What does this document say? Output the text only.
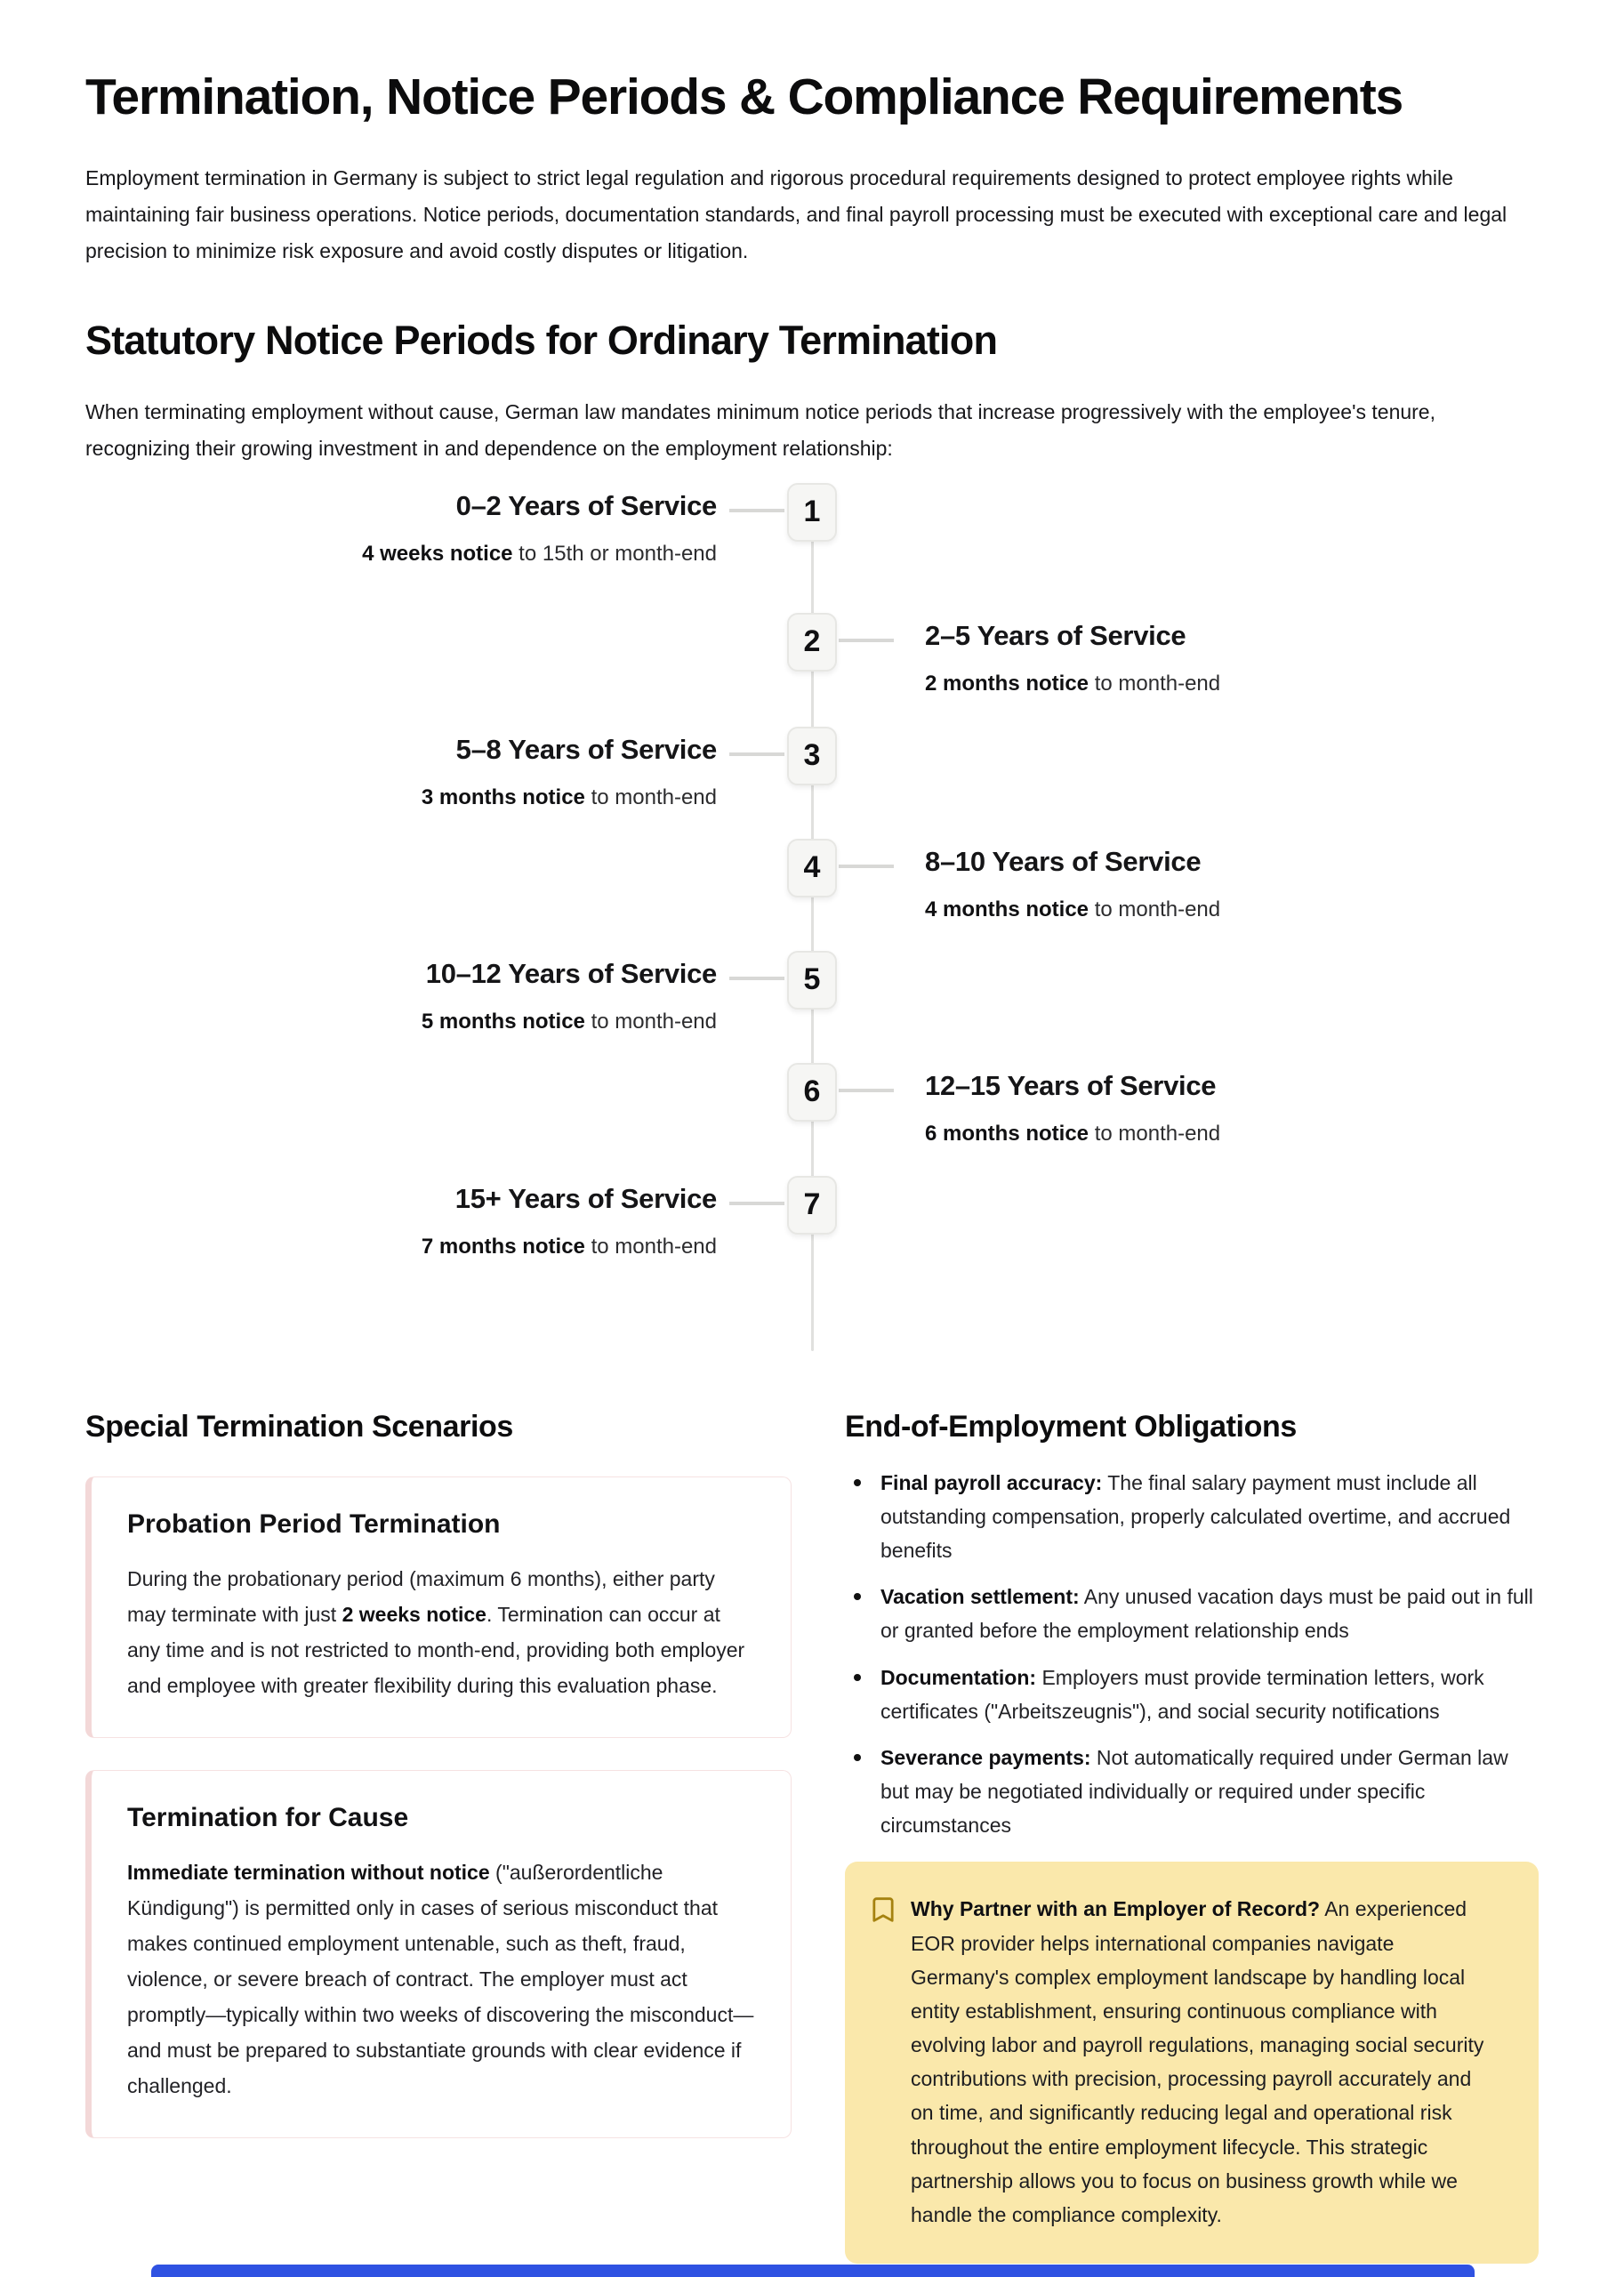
Termination, Notice Periods & Compliance Requirements

Employment termination in Germany is subject to strict legal regulation and rigorous procedural requirements designed to protect employee rights while maintaining fair business operations. Notice periods, documentation standards, and final payroll processing must be executed with exceptional care and legal precision to minimize risk exposure and avoid costly disputes or litigation.

Statutory Notice Periods for Ordinary Termination

When terminating employment without cause, German law mandates minimum notice periods that increase progressively with the employee's tenure, recognizing their growing investment in and dependence on the employment relationship:

0–2 Years of Service

4 weeks notice to 15th or month-end

1
2–5 Years of Service

2 months notice to month-end

2
5–8 Years of Service

3 months notice to month-end

3
8–10 Years of Service

4 months notice to month-end

4
10–12 Years of Service

5 months notice to month-end

5
12–15 Years of Service

6 months notice to month-end

6
15+ Years of Service

7 months notice to month-end

7
Special Termination Scenarios
Probation Period Termination

During the probationary period (maximum 6 months), either party may terminate with just 2 weeks notice. Termination can occur at any time and is not restricted to month-end, providing both employer and employee with greater flexibility during this evaluation phase.

Termination for Cause

Immediate termination without notice ("außerordentliche Kündigung") is permitted only in cases of serious misconduct that makes continued employment untenable, such as theft, fraud, violence, or severe breach of contract. The employer must act promptly—typically within two weeks of discovering the misconduct—and must be prepared to substantiate grounds with clear evidence if challenged.

End-of-Employment Obligations
Final payroll accuracy: The final salary payment must include all outstanding compensation, properly calculated overtime, and accrued benefits
Vacation settlement: Any unused vacation days must be paid out in full or granted before the employment relationship ends
Documentation: Employers must provide termination letters, work certificates ("Arbeitszeugnis"), and social security notifications
Severance payments: Not automatically required under German law but may be negotiated individually or required under specific circumstances

Why Partner with an Employer of Record? An experienced EOR provider helps international companies navigate Germany's complex employment landscape by handling local entity establishment, ensuring continuous compliance with evolving labor and payroll regulations, managing social security contributions with precision, processing payroll accurately and on time, and significantly reducing legal and operational risk throughout the entire employment lifecycle. This strategic partnership allows you to focus on business growth while we handle the compliance complexity.
